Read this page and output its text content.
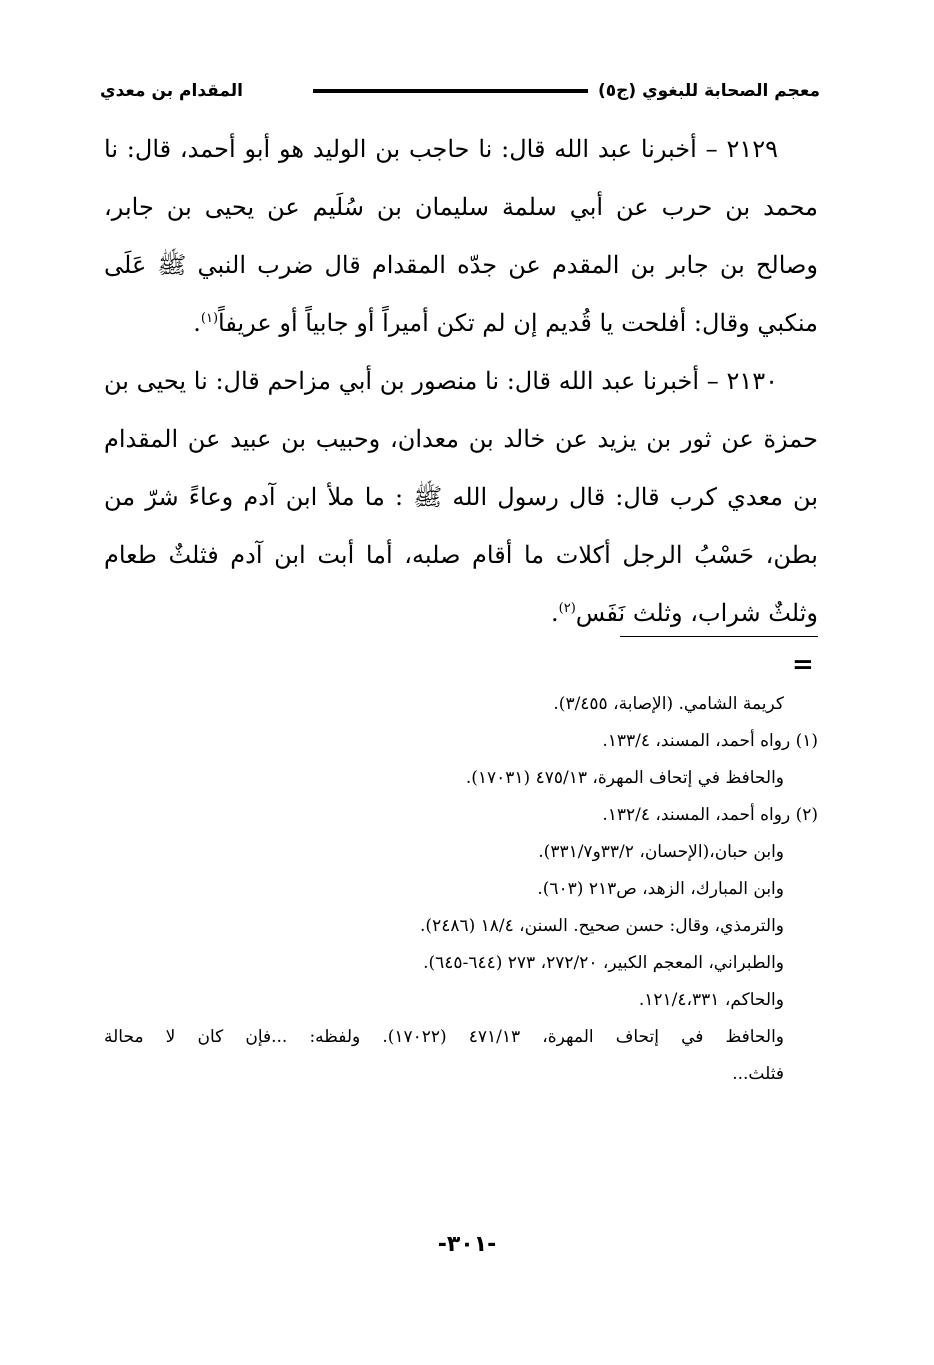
معجم الصحابة للبغوي (ج٥)
المقدام بن معدي

٢١٢٩ – أخبرنا عبد الله قال: نا حاجب بن الوليد هو أبو أحمد، قال: نا محمد بن حرب عن أبي سلمة سليمان بن سُلَيم عن يحيى بن جابر، وصالح بن جابر بن المقدم عن جدّه المقدام قال ضرب النبي ﷺ عَلَى منكبي وقال: أفلحت يا قُديم إن لم تكن أميراً أو جابياً أو عريفاً$^{(١)}$.

٢١٣٠ – أخبرنا عبد الله قال: نا منصور بن أبي مزاحم قال: نا يحيى بن حمزة عن ثور بن يزيد عن خالد بن معدان، وحبيب بن عبيد عن المقدام بن معدي كرب قال: قال رسول الله ﷺ : ما ملأ ابن آدم وعاءً شرّ من بطن، حَسْبُ الرجل أكلات ما أقام صلبه، أما أبت ابن آدم فثلثٌ طعام وثلثٌ شراب، وثلث نَفَس$^{(٢)}$.

=
كريمة الشامي. (الإصابة، ٣/٤٥٥).
(١) رواه أحمد، المسند، ١٣٣/٤.
والحافظ في إتحاف المهرة، ٤٧٥/١٣ (١٧٠٣١).
(٢) رواه أحمد، المسند، ١٣٢/٤.
وابن حبان،(الإحسان، ٣٣/٢و٣٣١/٧).
وابن المبارك، الزهد، ص٢١٣ (٦٠٣).
والترمذي، وقال: حسن صحيح. السنن، ١٨/٤ (٢٤٨٦).
والطبراني، المعجم الكبير، ٢٧٢/٢٠، ٢٧٣ (٦٤٤-٦٤٥).
والحاكم، ١٢١/٤،٣٣١.
والحافظ في إتحاف المهرة، ٤٧١/١٣ (١٧٠٢٢). ولفظه: ...فإن كان لا محالة
فثلث...
-٣٠١-
